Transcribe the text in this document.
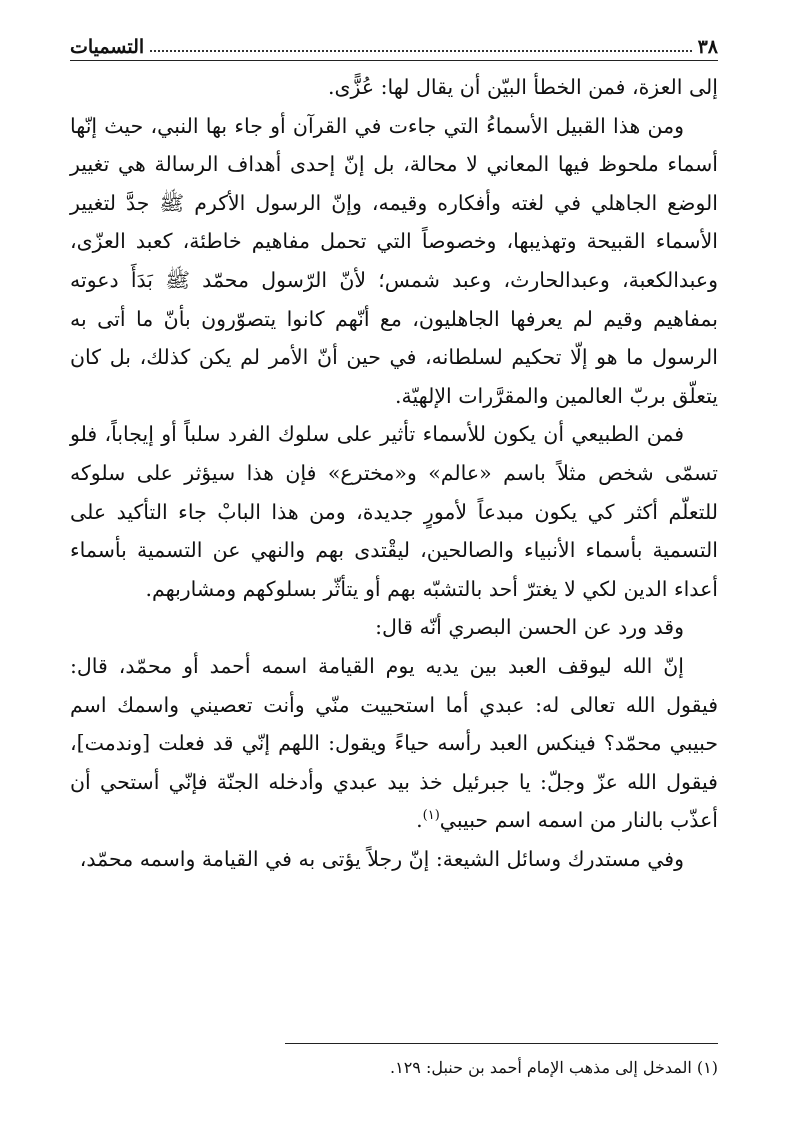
٣٨
التسميات

إلى العزة، فمن الخطأ البيّن أن يقال لها: عُزًّى.

ومن هذا القبيل الأسماءُ التي جاءت في القرآن أو جاء بها النبي، حيث إنّها أسماء ملحوظ فيها المعاني لا محالة، بل إنّ إحدى أهداف الرسالة هي تغيير الوضع الجاهلي في لغته وأفكاره وقيمه، وإنّ الرسول الأكرم ﷺ جدَّ لتغيير الأسماء القبيحة وتهذيبها، وخصوصاً التي تحمل مفاهيم خاطئة، كعبد العزّى، وعبدالكعبة، وعبدالحارث، وعبد شمس؛ لأنّ الرّسول محمّد ﷺ بَدَأَ دعوته بمفاهيم وقيم لم يعرفها الجاهليون، مع أنّهم كانوا يتصوّرون بأنّ ما أتى به الرسول ما هو إلّا تحكيم لسلطانه، في حين أنّ الأمر لم يكن كذلك، بل كان يتعلّق بربّ العالمين والمقرَّرات الإلهيّة.

فمن الطبيعي أن يكون للأسماء تأثير على سلوك الفرد سلباً أو إيجاباً، فلو تسمّى شخص مثلاً باسم «عالم» و«مخترع» فإن هذا سيؤثر على سلوكه للتعلّم أكثر كي يكون مبدعاً لأمورٍ جديدة، ومن هذا البابْ جاء التأكيد على التسمية بأسماء الأنبياء والصالحين، ليقْتدى بهم والنهي عن التسمية بأسماء أعداء الدين لكي لا يغترّ أحد بالتشبّه بهم أو يتأثّر بسلوكهم ومشاربهم.

وقد ورد عن الحسن البصري أنّه قال:

إنّ الله ليوقف العبد بين يديه يوم القيامة اسمه أحمد أو محمّد، قال: فيقول الله تعالى له: عبدي أما استحييت منّي وأنت تعصيني واسمك اسم حبيبي محمّد؟ فينكس العبد رأسه حياءً ويقول: اللهم إنّي قد فعلت [وندمت]، فيقول الله عزّ وجلّ: يا جبرئيل خذ بيد عبدي وأدخله الجنّة فإنّي أستحي أن أعذّب بالنار من اسمه اسم حبيبي$^{(١)}$.

وفي مستدرك وسائل الشيعة: إنّ رجلاً يؤتى به في القيامة واسمه محمّد،

(١) المدخل إلى مذهب الإمام أحمد بن حنبل: ١٢٩.
